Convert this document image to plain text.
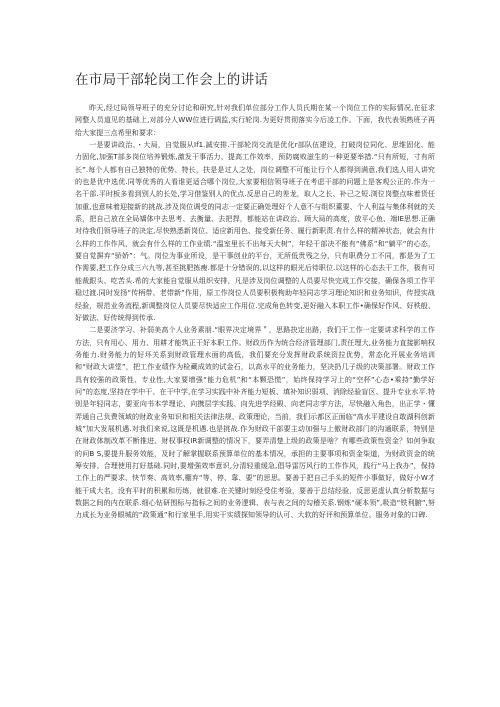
在市局干部轮岗工作会上的讲话

昨天,经过局领导班子的充分讨论和研究,针对我们单位部分工作人员氏期在某一个岗位工作的实际情况,在征求网整人员道见的基础上,对部分人WW位进行调监,实行轮岗.为更好贯彻落实今后凌工作。下面，我代表领熟班子再给大家提三点希里和要求：

一是要讲政治、・大局，自觉服从If1.誠安排.干部轮岗交流是优化r部队伍建设，打破岗位同化、思维固化、能力固化,加强T部多岗位培养锻炼,激发干事活力、提高工作效率，预防腐败滋生的一种更要举措.“只有所短，寸有所长”.每个人都有自己独特的优势、特长，扶是是过人之处，岗位调整不可能让行个人都得到满意,我们选人用人讲究的也是优中选优.同等优秀的人看谁更适合哪个岗位,大家要相信领导班子在考虑干部的问题上是客观公正的.作为一名干部.平时板多看到别人的长处,学习借鉴别人的优点.反思自己的差龙，取人之长、补己之短.浏位岗整点味着货任加重,也意味着迎接新的挑战.涉及岗位调受的同志一定要正确处理好个人意不与组织董要、个人利益与集体利就的关系，把自己放在全局矯体中去思考、去衡量、去把捍，都能站在讲政治、顾大局的高度，放平心鱼、端IE思想.正确对待我们领导班子的决定,尽快熟悉新岗位、适应新用色、接受新任务、履行新职责.有什么样的精神状态，就会有什么样的工作作风，就会有什么样的工作业绩.“温室里长不出每天大树”，年轻干部决不能有“佛系”和“躺平”的心态，要自觉摒弃“骄娇”：气。岗位为事业所设，是干事创业的平台，无所低贵残之分，只有职费分工不同，都是为了工作需要,把工作分成三六九等,甚至挑肥拣瘦.都是十分错误的,以这样的眼光后待职位.以这样的心态去干工作，极有可能裁跟头、吃苦头.希的大家能自觉服从组织安排，凡是涉及岗位调整的人员要尽快完成工作交接，确保各项工作平稳过渡.同时发扬“传柄带、老带新”作用，原工作岗位人员要积极枸助年轻同志学习理论知识和业务知识，传授实战经验，规范业务流程,新调整岗位人员要尽快适应工作用位.完成角色转变,更好融入本职工作•确保好作风、好秩般、好做法、好传统得到传承.

二是要济学习、补弱美高个人业务素朋.“眼界决定境界＂，思路抉定出路，我们干工作一定要讲求科学的工作方法，只有用心、用力、用耕才能筑正干好本职工作。财政历作为统合经济管理部门,责任理大,业务能力直接影响权务能力.财务能力的好坏关系到财政管理水面的高低，我们要充分发挥财政系统资拉优势，常态化开展业务培训和“财政大讲堂”，把工作业绩作为检藏成效的试金石，以高水平的业务能力，坚决扔几子级的决策部署。财政工作具有较强的政策性、专业性,大家要增强“能力危机”和“本颗恐慌”，始终保持学习上的“空杯”心态•乘持“勤学好问”的态度,坚持在学中干、在干中学,在学习实践中补齐能力短板、填补知识弱项、消除经验盲区、提升专业水平.特别是年轻同志，要亚向书本学理论、向携层学实践、向先进学经殿、向老同志学方法，尽快融入角色，出正学・懂弄通自己负费领域的财政业务知识和相关法律法规、政策理论，当前，我们示都区正面临“高水平建设自敢湖科创新城”加大发展机遇.对我们来说,这既是机遇.也是挑战.作为财政干部要主动加强与上傲财政部门的沟通联系，特别是在财政体制改革不断推进、财权事权IR新调整的情况下，要弄清楚上级的政策是啥？有哪些政策性资金？如何争取的问B S,要提升服务效能，及时了解掌握联系预算单位的基本情况，承担的主要事项和资金柒道，为财政资金的统筹安排、合理使用打好基础.同时,要增强效率意识,分清轻重缓急,倡导雷厉风行的工作作风，践行“马上我办”，保持工作上的严要求、快节奏、高效率,棚弃“等、停、靠、要”的思思。要善于把自己手头的短件小事做好，做好小W才能干成大名，没有平时的积累和历练，就很难.在关键时刻经受住考验，要善于总结经验，反思更虚认真分析数据与数据之间的内在联系.细心钻研围标与指标之间的业务逻辑、表与表之间的勾稽关系.钢炼“硬本领”,吸造“铁利腑”,努力成长为业务眼城的“政策通”和行家里手,用实干实绩探知领导的认可、大软的好评和预算单位、服务对象的口碑.
